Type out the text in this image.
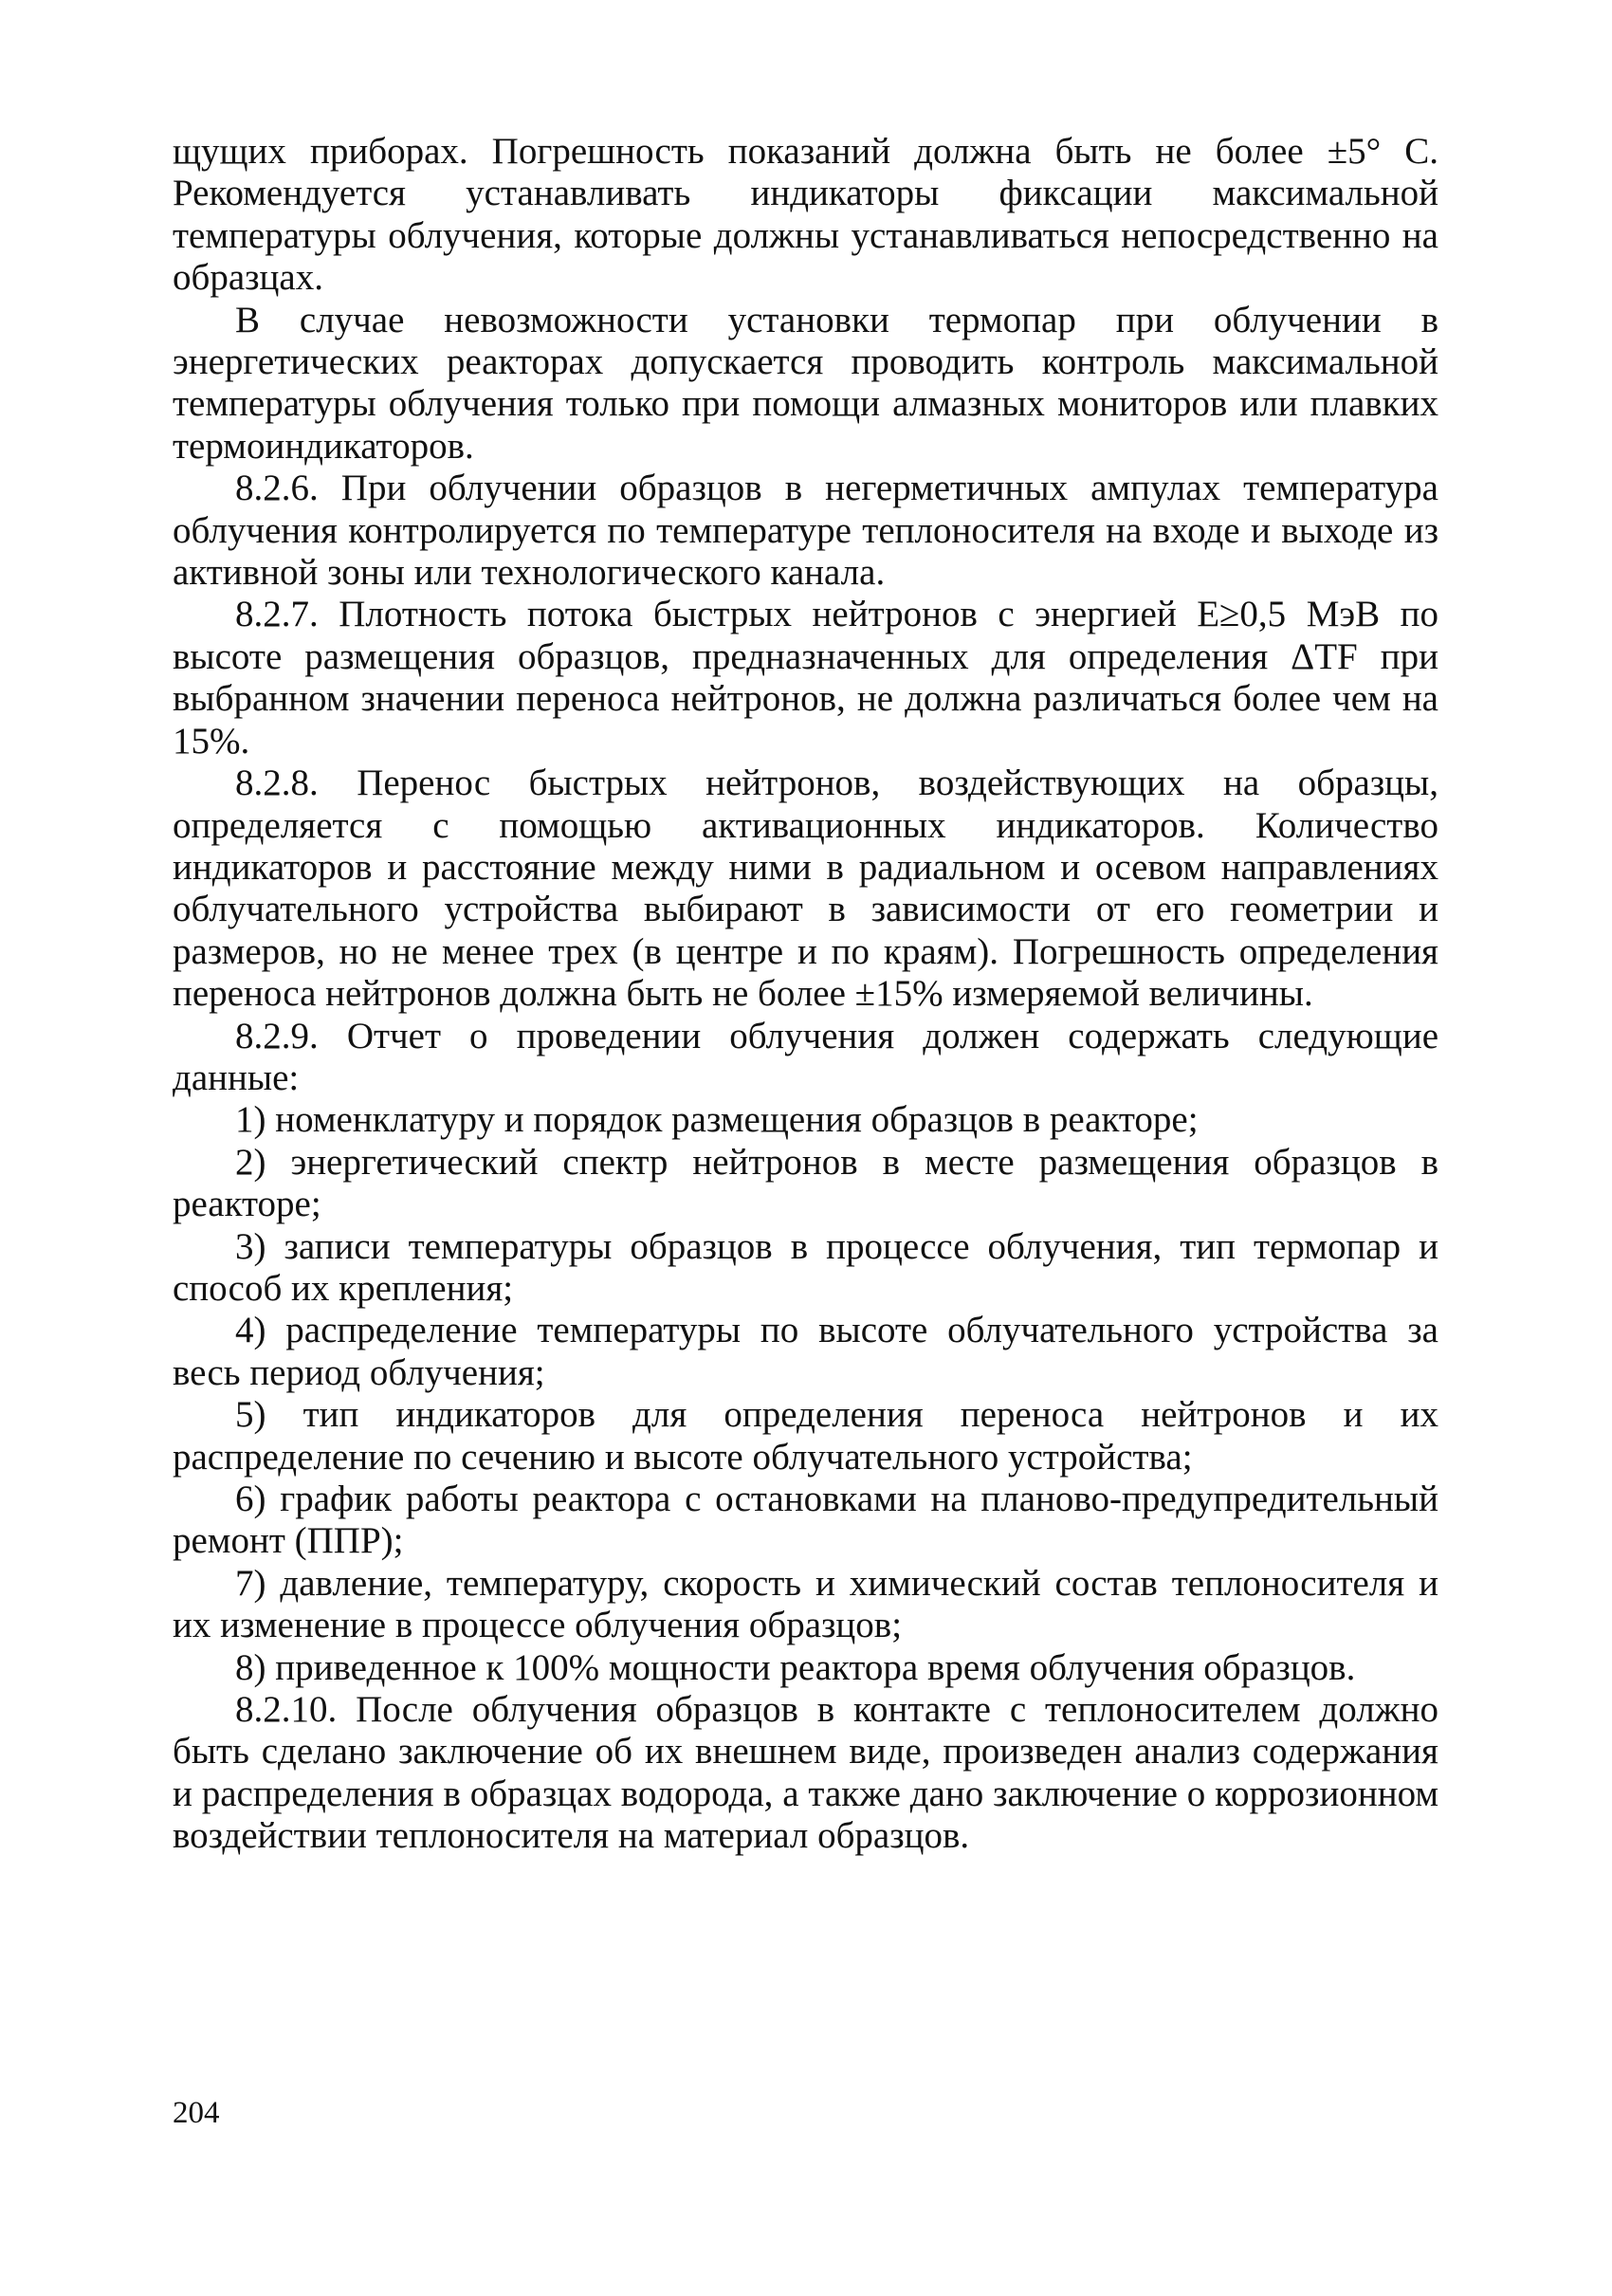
щущих приборах. Погрешность показаний должна быть не более ±5° С. Рекомендуется устанавливать индикаторы фиксации максимальной температуры облучения, которые должны устанавливаться непосредственно на образцах.

В случае невозможности установки термопар при облучении в энергетических реакторах допускается проводить контроль максимальной температуры облучения только при помощи алмазных мониторов или плавких термоиндикаторов.

8.2.6. При облучении образцов в негерметичных ампулах температура облучения контролируется по температуре теплоносителя на входе и выходе из активной зоны или технологического канала.

8.2.7. Плотность потока быстрых нейтронов с энергией E≥0,5 МэВ по высоте размещения образцов, предназначенных для определения ΔTF при выбранном значении переноса нейтронов, не должна различаться более чем на 15%.

8.2.8. Перенос быстрых нейтронов, воздействующих на образцы, определяется с помощью активационных индикаторов. Количество индикаторов и расстояние между ними в радиальном и осевом направлениях облучательного устройства выбирают в зависимости от его геометрии и размеров, но не менее трех (в центре и по краям). Погрешность определения переноса нейтронов должна быть не более ±15% измеряемой величины.

8.2.9. Отчет о проведении облучения должен содержать следующие данные:

1) номенклатуру и порядок размещения образцов в реакторе;

2) энергетический спектр нейтронов в месте размещения образцов в реакторе;

3) записи температуры образцов в процессе облучения, тип термопар и способ их крепления;

4) распределение температуры по высоте облучательного устройства за весь период облучения;

5) тип индикаторов для определения переноса нейтронов и их распределение по сечению и высоте облучательного устройства;

6) график работы реактора с остановками на планово-предупредительный ремонт (ППР);

7) давление, температуру, скорость и химический состав теплоносителя и их изменение в процессе облучения образцов;

8) приведенное к 100% мощности реактора время облучения образцов.

8.2.10. После облучения образцов в контакте с теплоносителем должно быть сделано заключение об их внешнем виде, произведен анализ содержания и распределения в образцах водорода, а также дано заключение о коррозионном воздействии теплоносителя на материал образцов.

204
